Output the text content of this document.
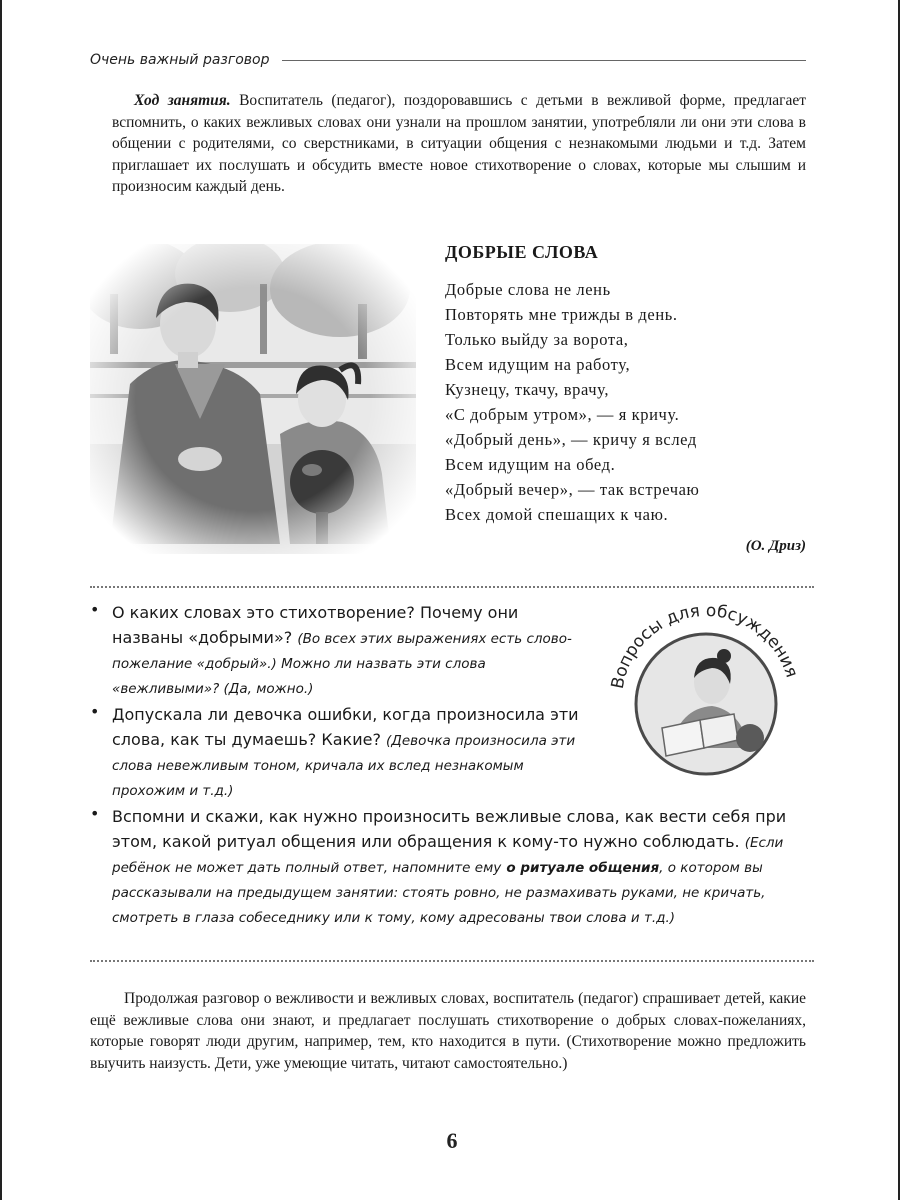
Очень важный разговор

Ход занятия. Воспитатель (педагог), поздоровавшись с детьми в вежливой форме, предлагает вспомнить, о каких вежливых словах они узнали на прошлом занятии, употребляли ли они эти слова в общении с родителями, со сверстниками, в ситуации общения с незнакомыми людьми и т.д. Затем приглашает их послушать и обсудить вместе новое стихотворение о словах, которые мы слышим и произносим каждый день.

ДОБРЫЕ СЛОВА

Добрые слова не лень

Повторять мне трижды в день.

Только выйду за ворота,

Всем идущим на работу,

Кузнецу, ткачу, врачу,

«С добрым утром», — я кричу.

«Добрый день», — кричу я вслед

Всем идущим на обед.

«Добрый вечер», — так встречаю

Всех домой спешащих к чаю.

(О. Дриз)
• О каких словах это стихотворение? Почему они названы «добрыми»? (Во всех этих выражениях есть слово-пожелание «добрый».) Можно ли назвать эти слова «вежливыми»? (Да, можно.)
• Допускала ли девочка ошибки, когда произносила эти слова, как ты думаешь? Какие? (Девочка произносила эти слова невежливым тоном, кричала их вслед незнакомым прохожим и т.д.)
• Вспомни и скажи, как нужно произносить вежливые слова, как вести себя при этом, какой ритуал общения или обращения к кому-то нужно соблюдать. (Если ребёнок не может дать полный ответ, напомните ему о ритуале общения, о котором вы рассказывали на предыдущем занятии: стоять ровно, не размахивать руками, не кричать, смотреть в глаза собеседнику или к тому, кому адресованы твои слова и т.д.)
Вопросы для обсуждения

Продолжая разговор о вежливости и вежливых словах, воспитатель (педагог) спрашивает детей, какие ещё вежливые слова они знают, и предлагает послушать стихотворение о добрых словах-пожеланиях, которые говорят люди другим, например, тем, кто находится в пути. (Стихотворение можно предложить выучить наизусть. Дети, уже умеющие читать, читают самостоятельно.)

6
